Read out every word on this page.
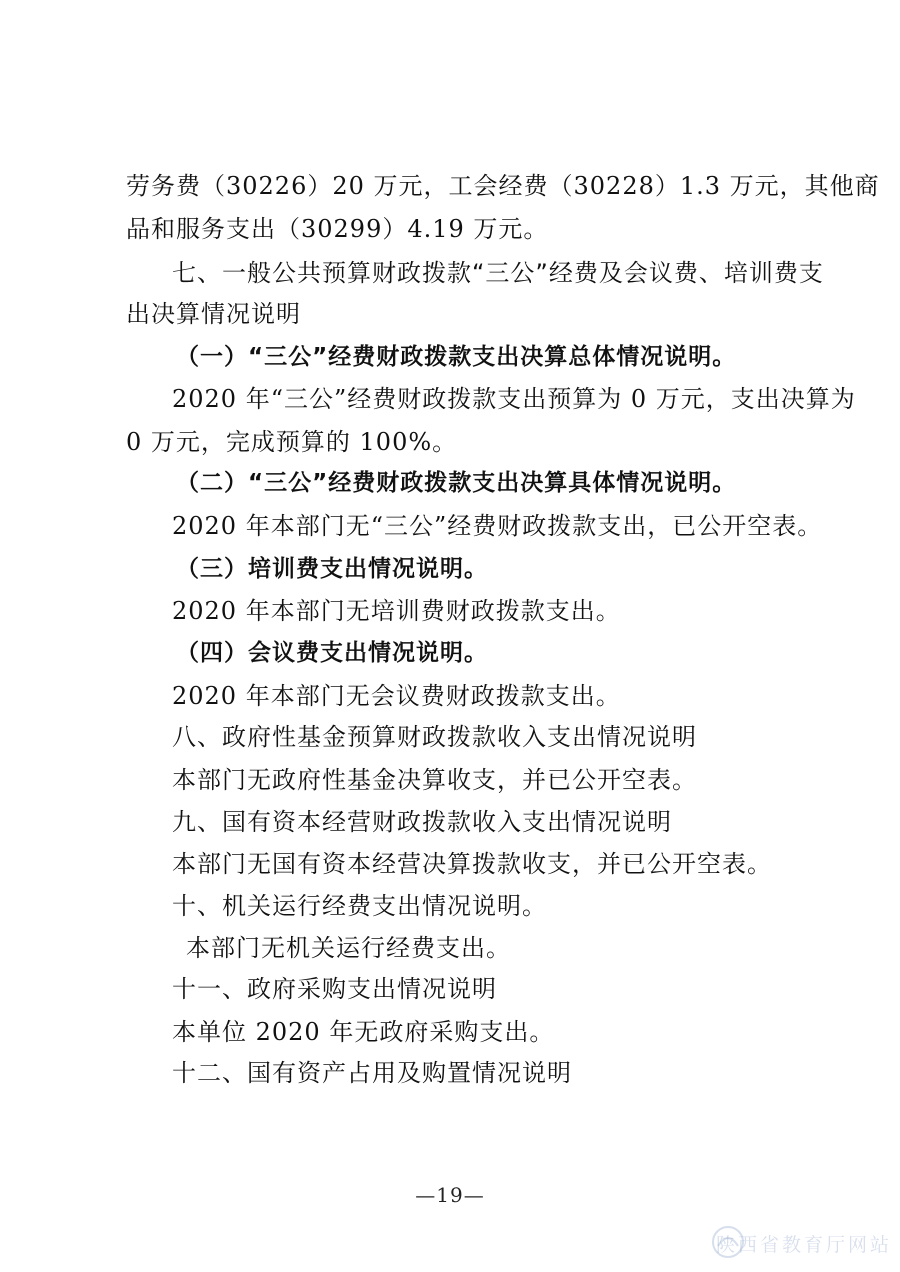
劳务费（30226）20 万元，工会经费（30228）1.3 万元，其他商
品和服务支出（30299）4.19 万元。
七、一般公共预算财政拨款“三公”经费及会议费、培训费支
出决算情况说明
（一）“三公”经费财政拨款支出决算总体情况说明。
2020 年“三公”经费财政拨款支出预算为 0 万元，支出决算为
0 万元，完成预算的 100%。
（二）“三公”经费财政拨款支出决算具体情况说明。
2020 年本部门无“三公”经费财政拨款支出，已公开空表。
（三）培训费支出情况说明。
2020 年本部门无培训费财政拨款支出。
（四）会议费支出情况说明。
2020 年本部门无会议费财政拨款支出。
八、政府性基金预算财政拨款收入支出情况说明
本部门无政府性基金决算收支，并已公开空表。
九、国有资本经营财政拨款收入支出情况说明
本部门无国有资本经营决算拨款收支，并已公开空表。
十、机关运行经费支出情况说明。
本部门无机关运行经费支出。
十一、政府采购支出情况说明
本单位 2020 年无政府采购支出。
十二、国有资产占用及购置情况说明
—19—
陕西省教育厅网站
